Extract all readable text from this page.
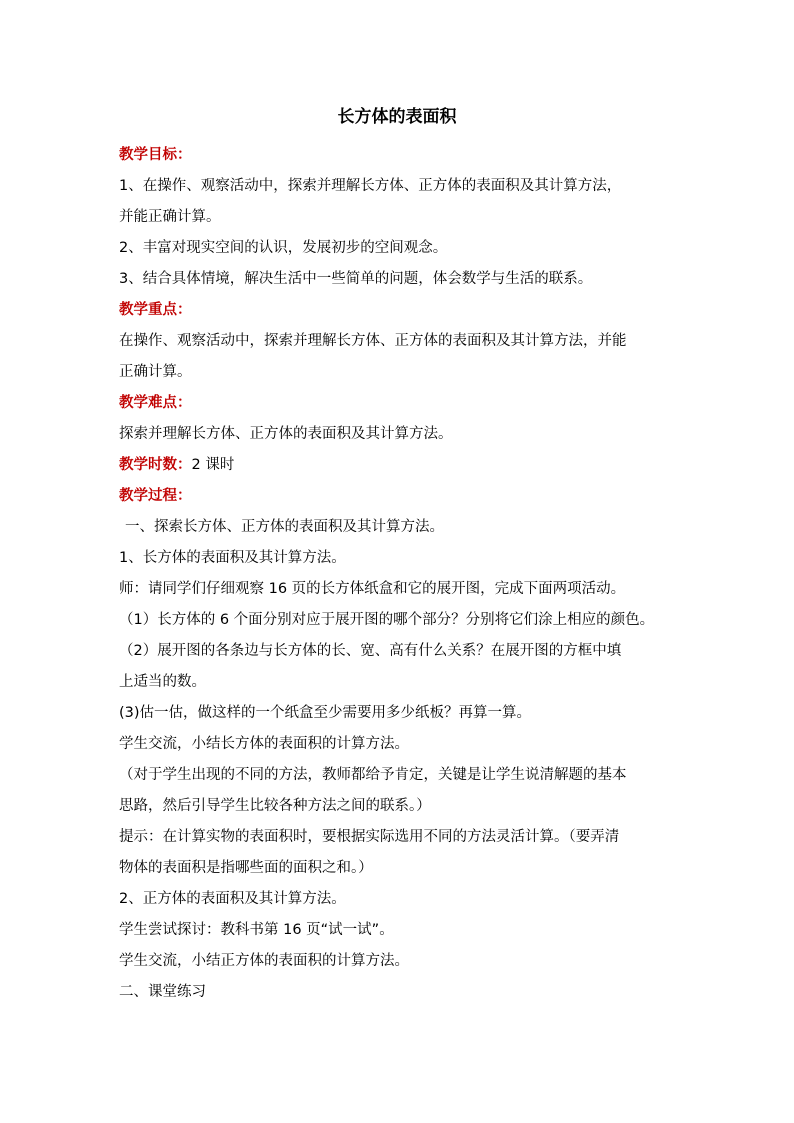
长方体的表面积

教学目标：

1、在操作、观察活动中，探索并理解长方体、正方体的表面积及其计算方法，

并能正确计算。

2、丰富对现实空间的认识，发展初步的空间观念。

3、结合具体情境，解决生活中一些简单的问题，体会数学与生活的联系。

教学重点：

在操作、观察活动中，探索并理解长方体、正方体的表面积及其计算方法，并能

正确计算。

教学难点：

探索并理解长方体、正方体的表面积及其计算方法。

教学时数：2 课时

教学过程：

一、探索长方体、正方体的表面积及其计算方法。

1、长方体的表面积及其计算方法。

师：请同学们仔细观察 16 页的长方体纸盒和它的展开图，完成下面两项活动。

（1）长方体的 6 个面分别对应于展开图的哪个部分？分别将它们涂上相应的颜色。

（2）展开图的各条边与长方体的长、宽、高有什么关系？在展开图的方框中填

上适当的数。

(3)估一估，做这样的一个纸盒至少需要用多少纸板？再算一算。

学生交流，小结长方体的表面积的计算方法。

（对于学生出现的不同的方法，教师都给予肯定，关键是让学生说清解题的基本

思路，然后引导学生比较各种方法之间的联系。）

提示：在计算实物的表面积时，要根据实际选用不同的方法灵活计算。（要弄清

物体的表面积是指哪些面的面积之和。）

2、正方体的表面积及其计算方法。

学生尝试探讨：教科书第 16 页“试一试”。

学生交流，小结正方体的表面积的计算方法。

二、课堂练习
